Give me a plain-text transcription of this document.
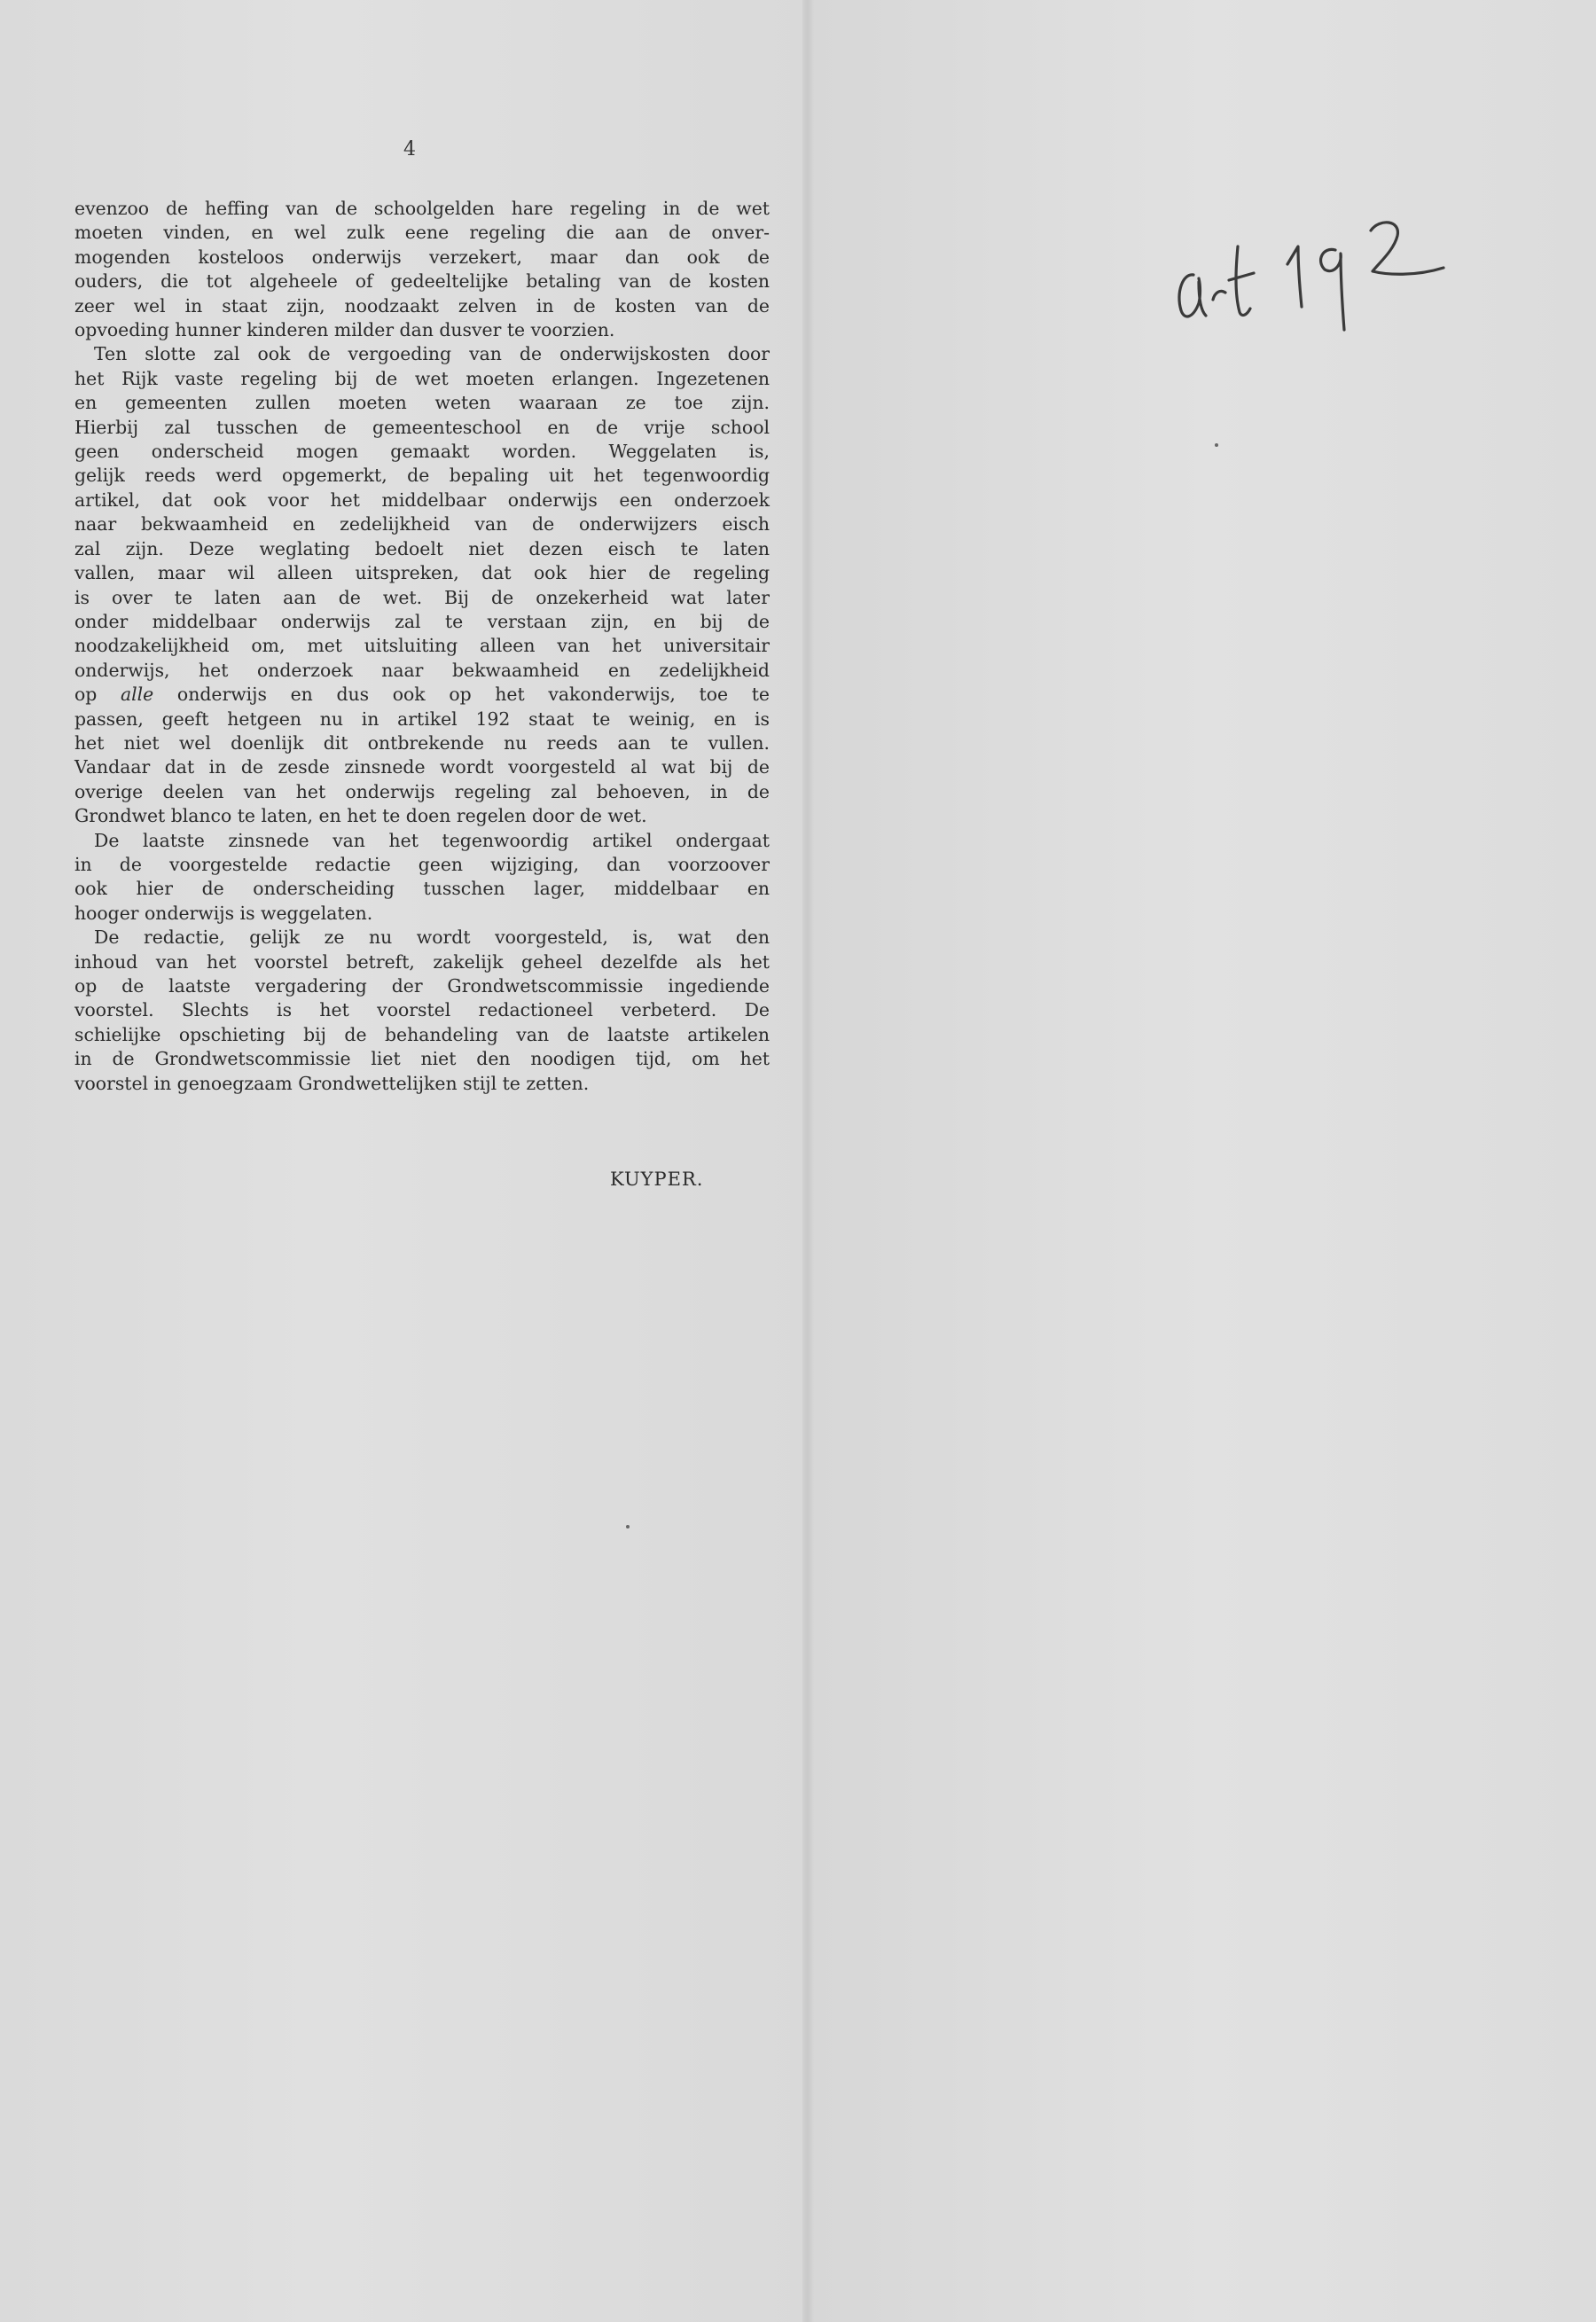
4
evenzoo de heffing van de schoolgelden hare regeling in de wet
moeten vinden, en wel zulk eene regeling die aan de onver-
mogenden kosteloos onderwijs verzekert, maar dan ook de
ouders, die tot algeheele of gedeeltelijke betaling van de kosten
zeer wel in staat zijn, noodzaakt zelven in de kosten van de
opvoeding hunner kinderen milder dan dusver te voorzien.
Ten slotte zal ook de vergoeding van de onderwijskosten door
het Rijk vaste regeling bij de wet moeten erlangen. Ingezetenen
en gemeenten zullen moeten weten waaraan ze toe zijn.
Hierbij zal tusschen de gemeenteschool en de vrije school
geen onderscheid mogen gemaakt worden. Weggelaten is,
gelijk reeds werd opgemerkt, de bepaling uit het tegenwoordig
artikel, dat ook voor het middelbaar onderwijs een onderzoek
naar bekwaamheid en zedelijkheid van de onderwijzers eisch
zal zijn. Deze weglating bedoelt niet dezen eisch te laten
vallen, maar wil alleen uitspreken, dat ook hier de regeling
is over te laten aan de wet. Bij de onzekerheid wat later
onder middelbaar onderwijs zal te verstaan zijn, en bij de
noodzakelijkheid om, met uitsluiting alleen van het universitair
onderwijs, het onderzoek naar bekwaamheid en zedelijkheid
op alle onderwijs en dus ook op het vakonderwijs, toe te
passen, geeft hetgeen nu in artikel 192 staat te weinig, en is
het niet wel doenlijk dit ontbrekende nu reeds aan te vullen.
Vandaar dat in de zesde zinsnede wordt voorgesteld al wat bij de
overige deelen van het onderwijs regeling zal behoeven, in de
Grondwet blanco te laten, en het te doen regelen door de wet.
De laatste zinsnede van het tegenwoordig artikel ondergaat
in de voorgestelde redactie geen wijziging, dan voorzoover
ook hier de onderscheiding tusschen lager, middelbaar en
hooger onderwijs is weggelaten.
De redactie, gelijk ze nu wordt voorgesteld, is, wat den
inhoud van het voorstel betreft, zakelijk geheel dezelfde als het
op de laatste vergadering der Grondwetscommissie ingediende
voorstel. Slechts is het voorstel redactioneel verbeterd. De
schielijke opschieting bij de behandeling van de laatste artikelen
in de Grondwetscommissie liet niet den noodigen tijd, om het
voorstel in genoegzaam Grondwettelijken stijl te zetten.
KUYPER.
